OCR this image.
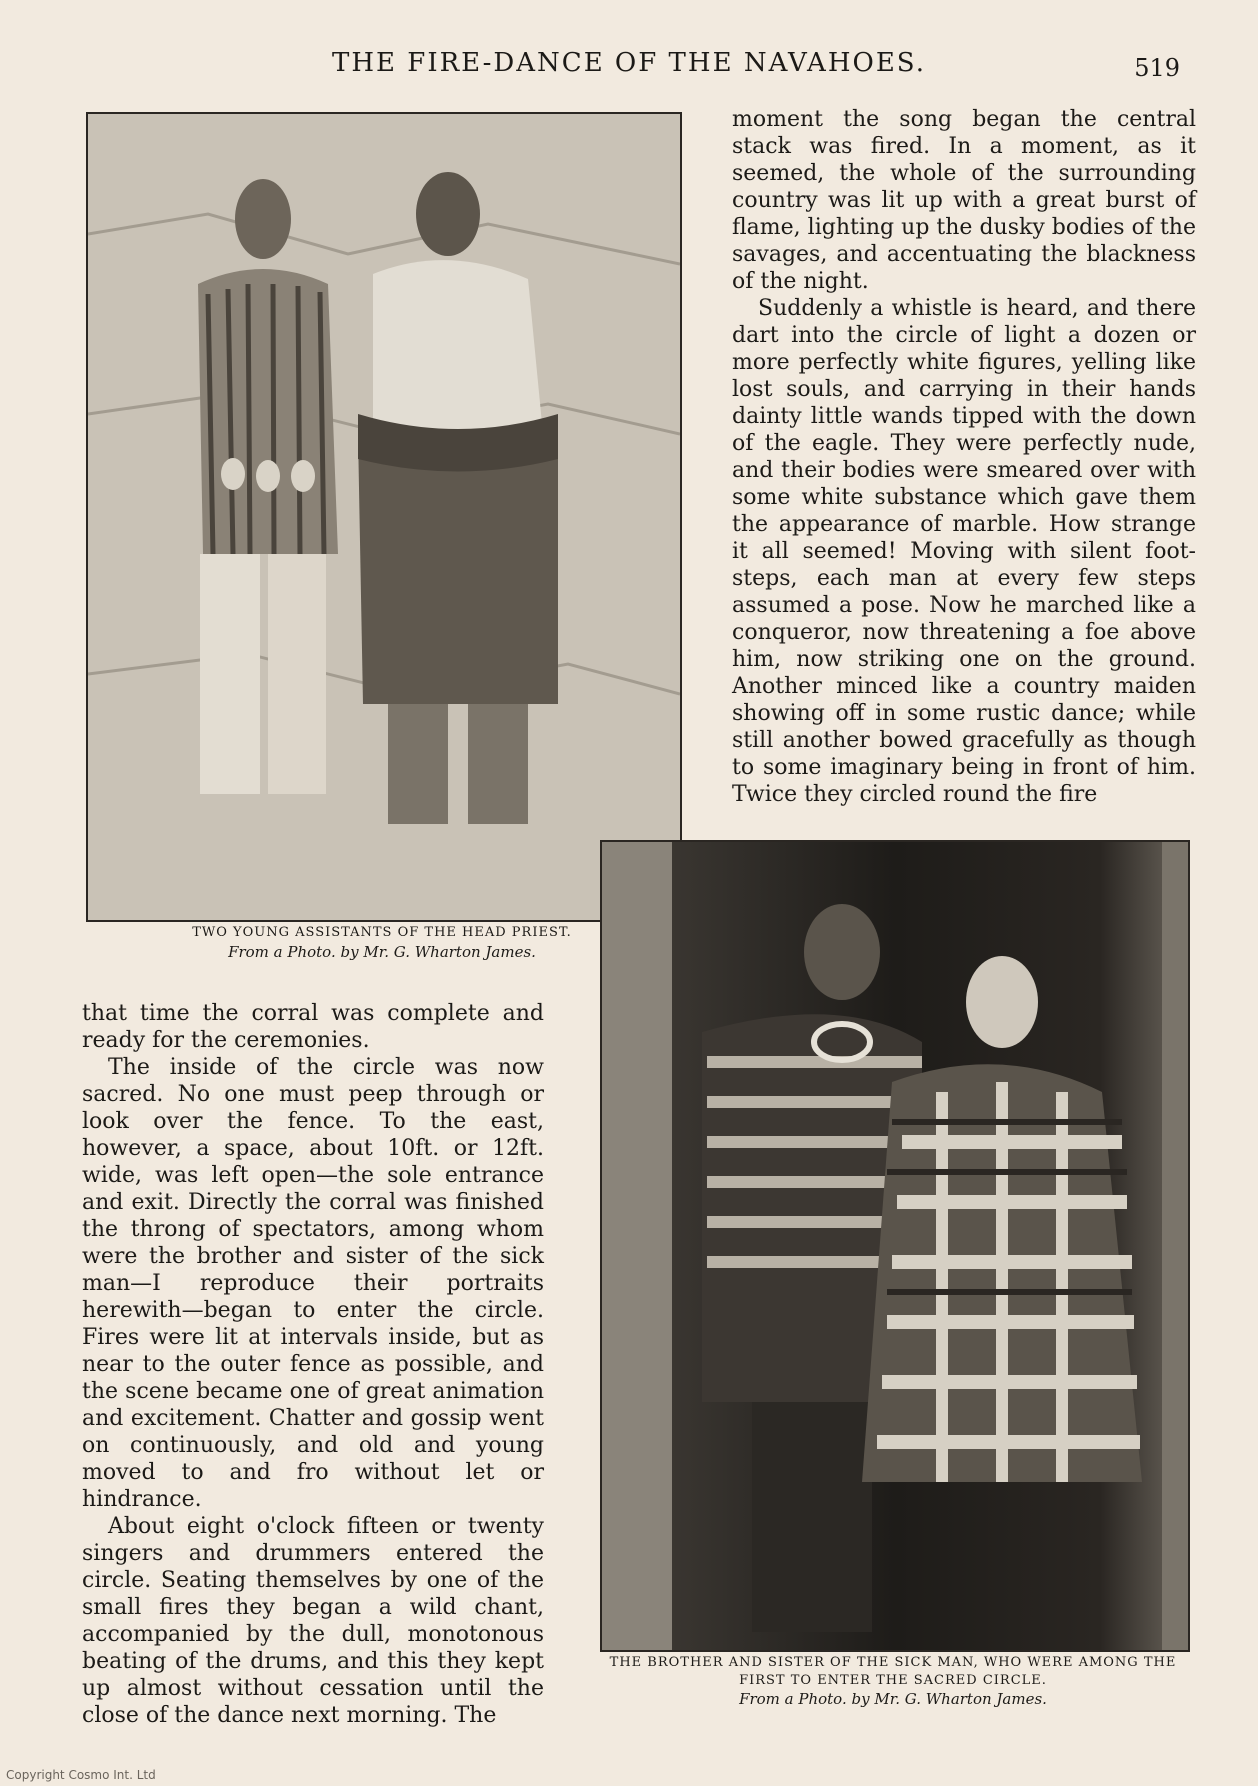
THE FIRE-DANCE OF THE NAVAHOES.	519
TWO YOUNG ASSISTANTS OF THE HEAD PRIEST.
From a Photo. by Mr. G. Wharton James.

moment the song began the central stack was fired. In a moment, as it seemed, the whole of the surrounding country was lit up with a great burst of flame, lighting up the dusky bodies of the savages, and accentuating the blackness of the night.

Suddenly a whistle is heard, and there dart into the circle of light a dozen or more perfectly white figures, yelling like lost souls, and carrying in their hands dainty little wands tipped with the down of the eagle. They were perfectly nude, and their bodies were smeared over with some white substance which gave them the appearance of marble. How strange it all seemed! Moving with silent foot-steps, each man at every few steps assumed a pose. Now he marched like a conqueror, now threatening a foe above him, now striking one on the ground. Another minced like a country maiden showing off in some rustic dance; while still another bowed gracefully as though to some imaginary being in front of him. Twice they circled round the fire

THE BROTHER AND SISTER OF THE SICK MAN, WHO WERE AMONG THE
FIRST TO ENTER THE SACRED CIRCLE.
From a Photo. by Mr. G. Wharton James.

that time the corral was complete and ready for the ceremonies.

The inside of the circle was now sacred. No one must peep through or look over the fence. To the east, however, a space, about 10ft. or 12ft. wide, was left open—the sole entrance and exit. Directly the corral was finished the throng of spectators, among whom were the brother and sister of the sick man—I reproduce their portraits herewith—began to enter the circle. Fires were lit at intervals inside, but as near to the outer fence as possible, and the scene became one of great animation and excitement. Chatter and gossip went on continuously, and old and young moved to and fro without let or hindrance.

About eight o'clock fifteen or twenty singers and drummers entered the circle. Seating themselves by one of the small fires they began a wild chant, accompanied by the dull, monotonous beating of the drums, and this they kept up almost without cessation until the close of the dance next morning. The

Copyright Cosmo Int. Ltd
